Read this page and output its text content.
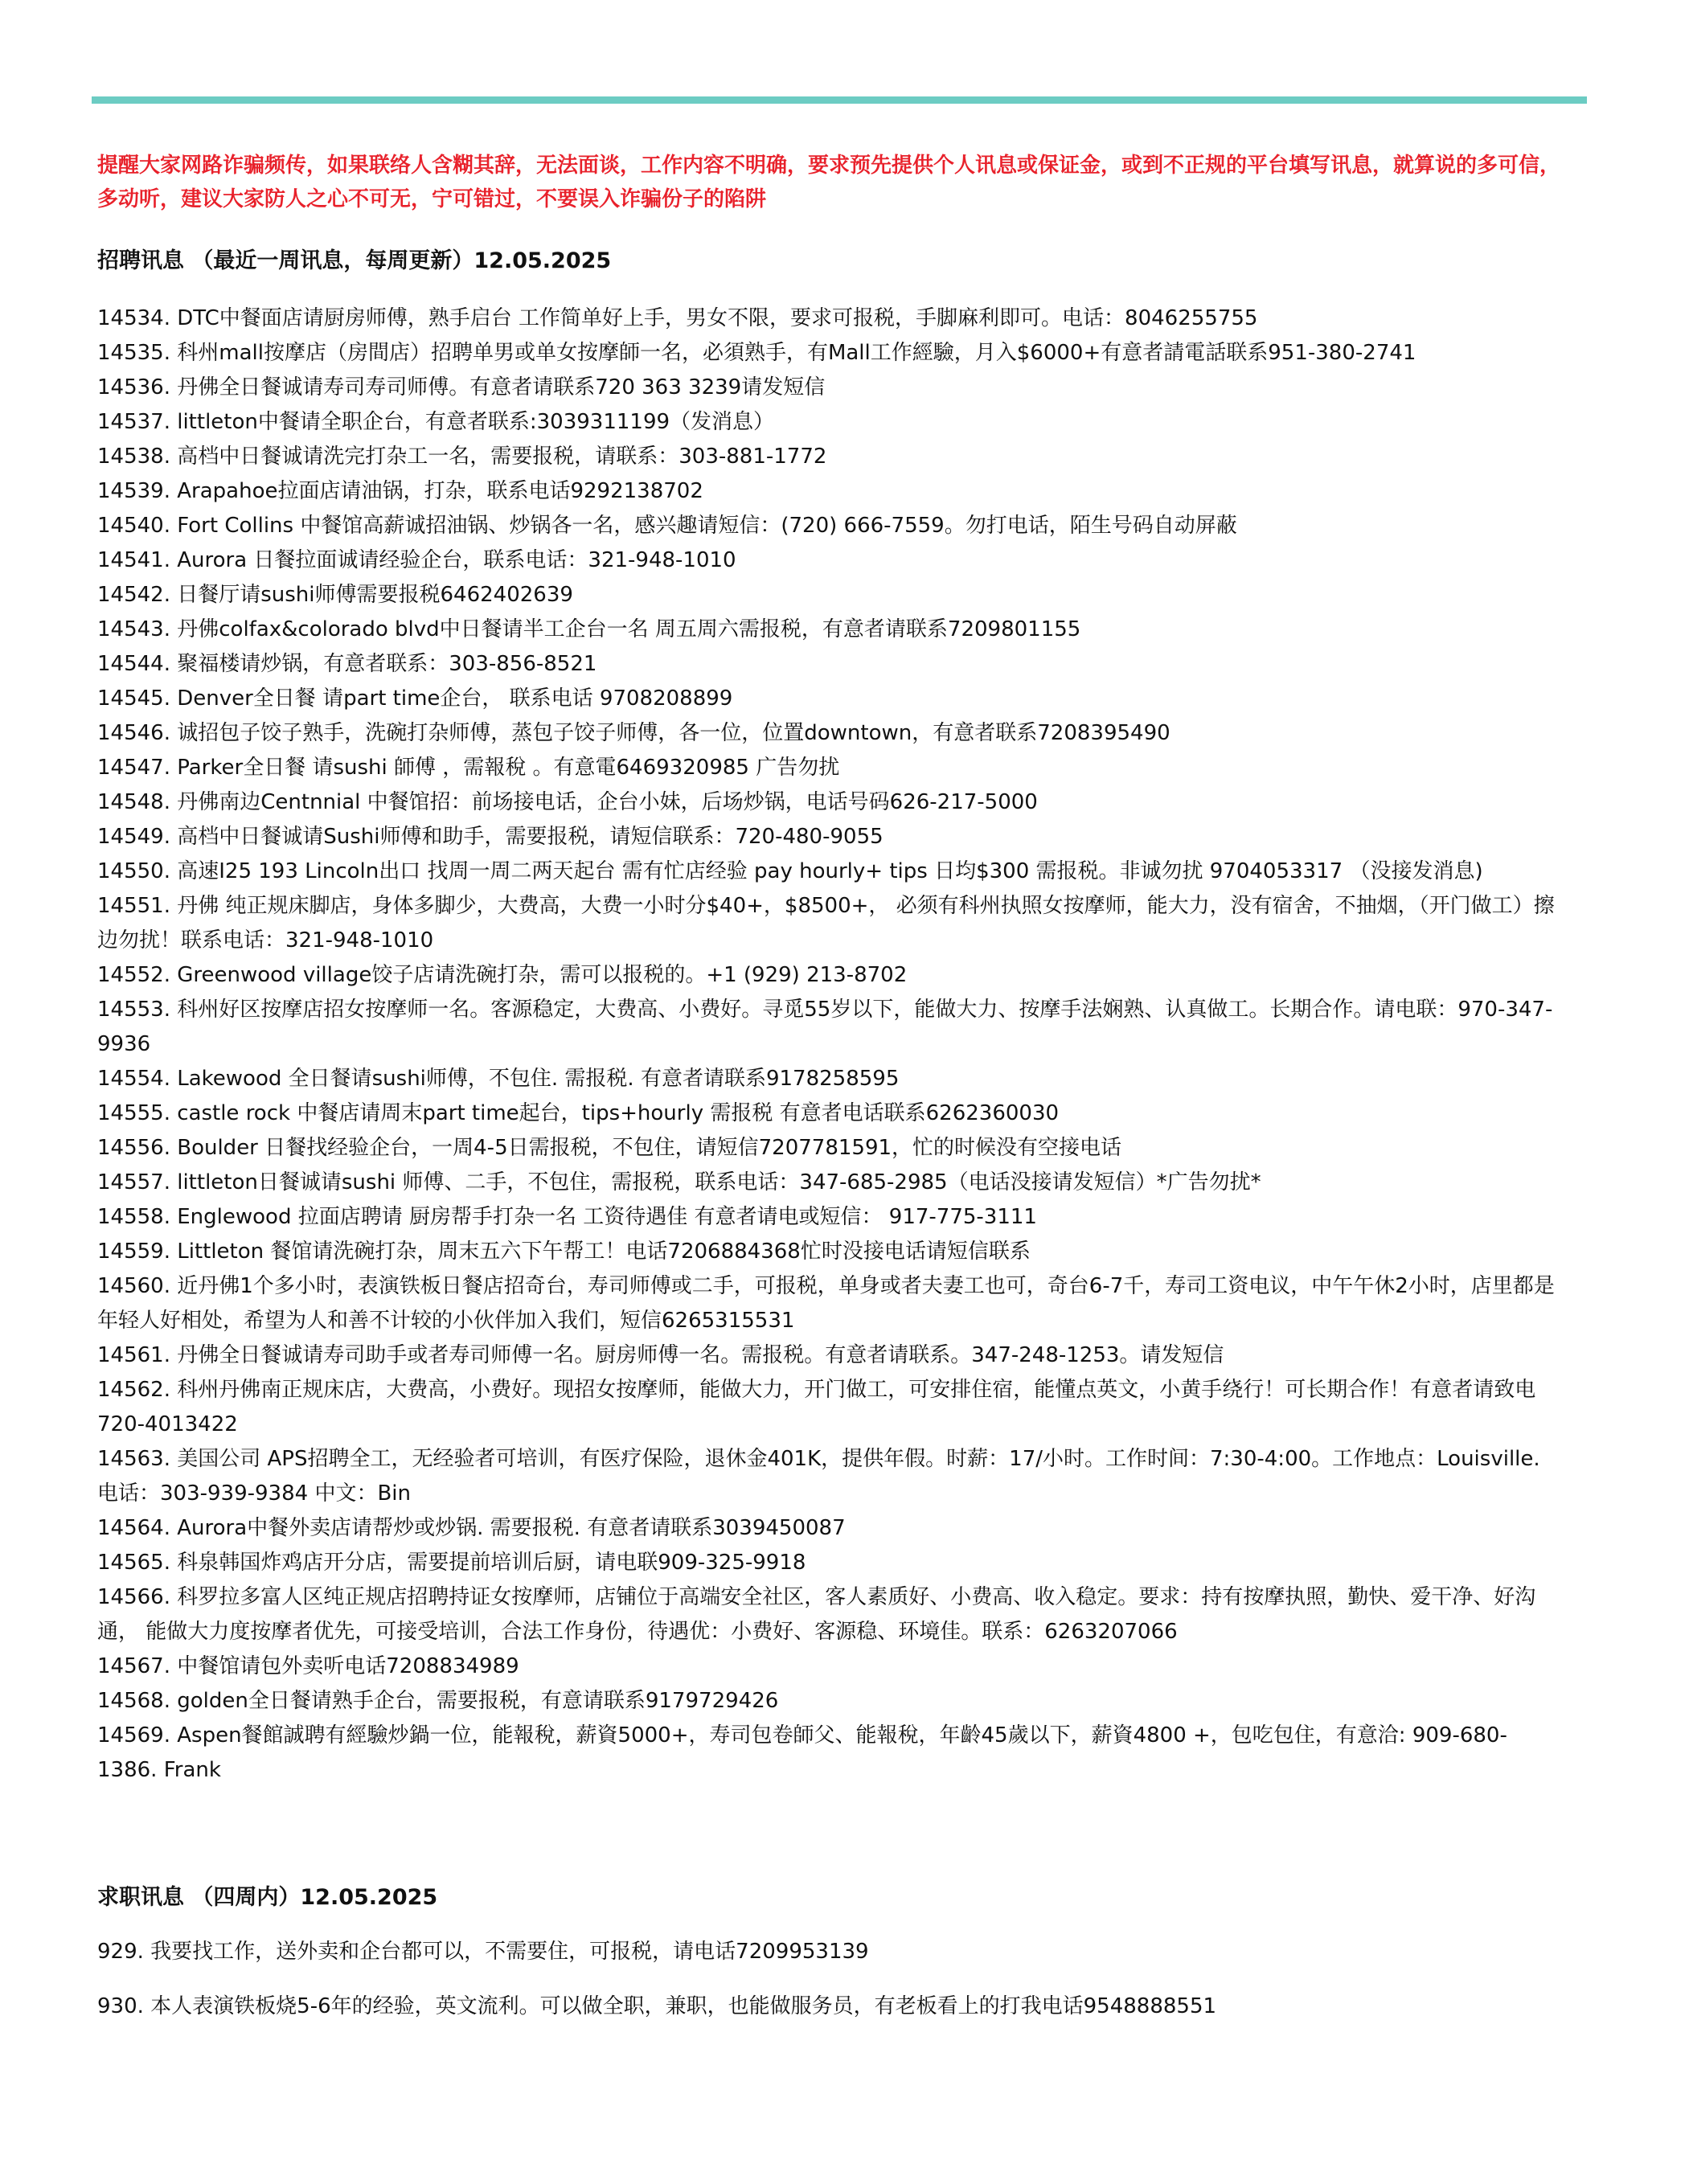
提醒大家网路诈骗频传，如果联络人含糊其辞，无法面谈，工作内容不明确，要求预先提供个人讯息或保证金，或到不正规的平台填写讯息，就算说的多可信，多动听，建议大家防人之心不可无，宁可错过，不要误入诈骗份子的陷阱

招聘讯息 （最近一周讯息，每周更新）12.05.2025
14534. DTC中餐面店请厨房师傅，熟手启台 工作简单好上手，男女不限，要求可报税，手脚麻利即可。电话：8046255755
14535. 科州mall按摩店（房間店）招聘单男或单女按摩師一名，必須熟手，有Mall工作經驗，月入$6000+有意者請電話联系951-380-2741
14536. 丹佛全日餐诚请寿司寿司师傅。有意者请联系720 363 3239请发短信
14537. littleton中餐请全职企台，有意者联系:3039311199（发消息）
14538. 高档中日餐诚请洗完打杂工一名，需要报税，请联系：303-881-1772
14539. Arapahoe拉面店请油锅，打杂，联系电话9292138702
14540. Fort Collins 中餐馆高薪诚招油锅、炒锅各一名，感兴趣请短信：(720) 666-7559。勿打电话，陌生号码自动屏蔽
14541. Aurora 日餐拉面诚请经验企台，联系电话：321-948-1010
14542. 日餐厅请sushi师傅需要报税6462402639
14543. 丹佛colfax&colorado blvd中日餐请半工企台一名 周五周六需报税，有意者请联系7209801155
14544. 聚福楼请炒锅，有意者联系：303-856-8521
14545. Denver全日餐 请part time企台， 联系电话 9708208899
14546. 诚招包子饺子熟手，洗碗打杂师傅，蒸包子饺子师傅，各一位，位置downtown，有意者联系7208395490
14547. Parker全日餐 请sushi 師傅 ，需報稅 。有意電6469320985 广告勿扰
14548. 丹佛南边Centnnial 中餐馆招：前场接电话，企台小妹，后场炒锅，电话号码626-217-5000
14549. 高档中日餐诚请Sushi师傅和助手，需要报税，请短信联系：720-480-9055
14550. 高速I25 193 Lincoln出口 找周一周二两天起台 需有忙店经验 pay hourly+ tips 日均$300 需报税。非诚勿扰 9704053317 （没接发消息)
14551. 丹佛 纯正规床脚店，身体多脚少，大费高，大费一小时分$40+，$8500+， 必须有科州执照女按摩师，能大力，没有宿舍，不抽烟，（开门做工）擦边勿扰！联系电话：321-948-1010
14552. Greenwood village饺子店请洗碗打杂，需可以报税的。+1 (929) 213-8702
14553. 科州好区按摩店招女按摩师一名。客源稳定，大费高、小费好。寻觅55岁以下，能做大力、按摩手法娴熟、认真做工。长期合作。请电联：970-347-9936
14554. Lakewood 全日餐请sushi师傅，不包住. 需报税. 有意者请联系9178258595
14555. castle rock 中餐店请周末part time起台，tips+hourly 需报税 有意者电话联系6262360030
14556. Boulder 日餐找经验企台，一周4-5日需报税，不包住，请短信7207781591，忙的时候没有空接电话
14557. littleton日餐诚请sushi 师傅、二手，不包住，需报税，联系电话：347-685-2985（电话没接请发短信）*广告勿扰*
14558. Englewood 拉面店聘请 厨房帮手打杂一名 工资待遇佳 有意者请电或短信： 917-775-3111
14559. Littleton 餐馆请洗碗打杂，周末五六下午帮工！电话7206884368忙时没接电话请短信联系
14560. 近丹佛1个多小时，表演铁板日餐店招奇台，寿司师傅或二手，可报税，单身或者夫妻工也可，奇台6-7千，寿司工资电议，中午午休2小时，店里都是年轻人好相处，希望为人和善不计较的小伙伴加入我们，短信6265315531
14561. 丹佛全日餐诚请寿司助手或者寿司师傅一名。厨房师傅一名。需报税。有意者请联系。347-248-1253。请发短信
14562. 科州丹佛南正规床店，大费高，小费好。现招女按摩师，能做大力，开门做工，可安排住宿，能懂点英文，小黄手绕行！可长期合作！有意者请致电 720-4013422
14563. 美国公司 APS招聘全工，无经验者可培训，有医疗保险，退休金401K，提供年假。时薪：17/小时。工作时间：7:30-4:00。工作地点：Louisville.电话：303-939-9384 中文：Bin
14564. Aurora中餐外卖店请帮炒或炒锅. 需要报税. 有意者请联系3039450087
14565. 科泉韩国炸鸡店开分店，需要提前培训后厨，请电联909-325-9918
14566. 科罗拉多富人区纯正规店招聘持证女按摩师，店铺位于高端安全社区，客人素质好、小费高、收入稳定。要求：持有按摩执照，勤快、爱干净、好沟通， 能做大力度按摩者优先，可接受培训，合法工作身份，待遇优：小费好、客源稳、环境佳。联系：6263207066
14567. 中餐馆请包外卖听电话7208834989
14568. golden全日餐请熟手企台，需要报税，有意请联系9179729426
14569. Aspen餐館誠聘有經驗炒鍋一位，能報稅，薪資5000+，寿司包卷師父、能報稅，年齡45歲以下，薪資4800 +，包吃包住，有意洽: 909-680-1386. Frank
求职讯息 （四周内）12.05.2025
929. 我要找工作，送外卖和企台都可以，不需要住，可报税，请电话7209953139
930. 本人表演铁板烧5-6年的经验，英文流利。可以做全职，兼职，也能做服务员，有老板看上的打我电话9548888551
